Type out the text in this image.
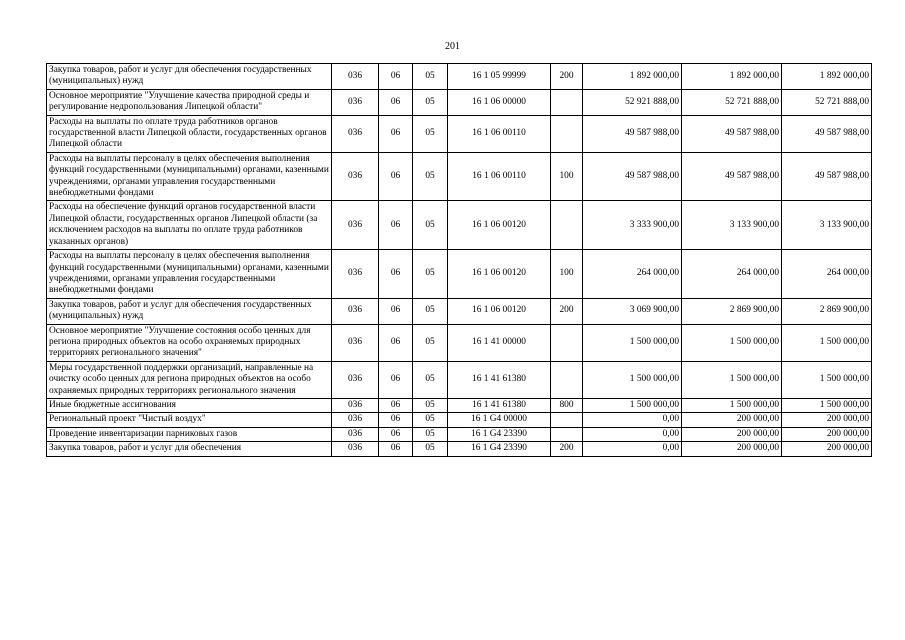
201
Закупка товаров, работ и услуг для обеспечения государственных (муниципальных) нужд	036	06	05	16 1 05 99999	200	1 892 000,00	1 892 000,00	1 892 000,00
Основное мероприятие "Улучшение качества природной среды и регулирование недропользования Липецкой области"	036	06	05	16 1 06 00000		52 921 888,00	52 721 888,00	52 721 888,00
Расходы на выплаты по оплате труда работников органов государственной власти Липецкой области, государственных органов Липецкой области	036	06	05	16 1 06 00110		49 587 988,00	49 587 988,00	49 587 988,00
Расходы на выплаты персоналу в целях обеспечения выполнения функций государственными (муниципальными) органами, казенными учреждениями, органами управления государственными внебюджетными фондами	036	06	05	16 1 06 00110	100	49 587 988,00	49 587 988,00	49 587 988,00
Расходы на обеспечение функций органов государственной власти Липецкой области, государственных органов Липецкой области (за исключением расходов на выплаты по оплате труда работников указанных органов)	036	06	05	16 1 06 00120		3 333 900,00	3 133 900,00	3 133 900,00
Расходы на выплаты персоналу в целях обеспечения выполнения функций государственными (муниципальными) органами, казенными учреждениями, органами управления государственными внебюджетными фондами	036	06	05	16 1 06 00120	100	264 000,00	264 000,00	264 000,00
Закупка товаров, работ и услуг для обеспечения государственных (муниципальных) нужд	036	06	05	16 1 06 00120	200	3 069 900,00	2 869 900,00	2 869 900,00
Основное мероприятие "Улучшение состояния особо ценных для региона природных объектов на особо охраняемых природных территориях регионального значения"	036	06	05	16 1 41 00000		1 500 000,00	1 500 000,00	1 500 000,00
Меры государственной поддержки организаций, направленные на очистку особо ценных для региона природных объектов на особо охраняемых природных территориях регионального значения	036	06	05	16 1 41 61380		1 500 000,00	1 500 000,00	1 500 000,00
Иные бюджетные ассигнования	036	06	05	16 1 41 61380	800	1 500 000,00	1 500 000,00	1 500 000,00
Региональный проект "Чистый воздух"	036	06	05	16 1 G4 00000		0,00	200 000,00	200 000,00
Проведение инвентаризации парниковых газов	036	06	05	16 1 G4 23390		0,00	200 000,00	200 000,00
Закупка товаров, работ и услуг для обеспечения	036	06	05	16 1 G4 23390	200	0,00	200 000,00	200 000,00
